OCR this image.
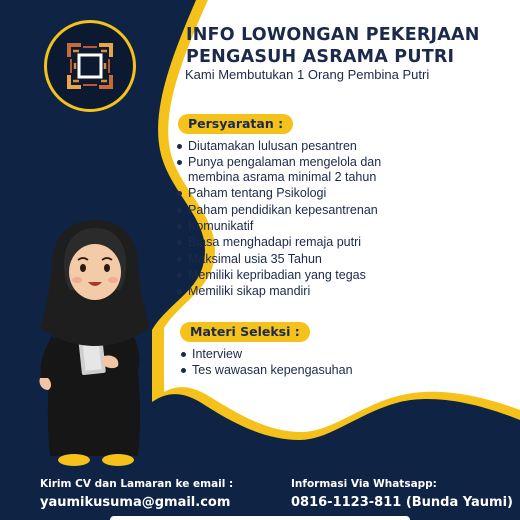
INFO LOWONGAN PEKERJAAN
PENGASUH ASRAMA PUTRI

Kami Membutukan 1 Orang Pembina Putri

Persyaratan :
Diutamakan lulusan pesantren
Punya pengalaman mengelola dan membina asrama minimal 2 tahun
Paham tentang Psikologi
Paham pendidikan kepesantrenan
Komunikatif
Biasa menghadapi remaja putri
Maksimal usia 35 Tahun
Memiliki kepribadian yang tegas
Memiliki sikap mandiri
Materi Seleksi :
Interview
Tes wawasan kepengasuhan
Kirim CV dan Lamaran ke email :
yaumikusuma@gmail.com
Informasi Via Whatsapp:
0816-1123-811 (Bunda Yaumi)
